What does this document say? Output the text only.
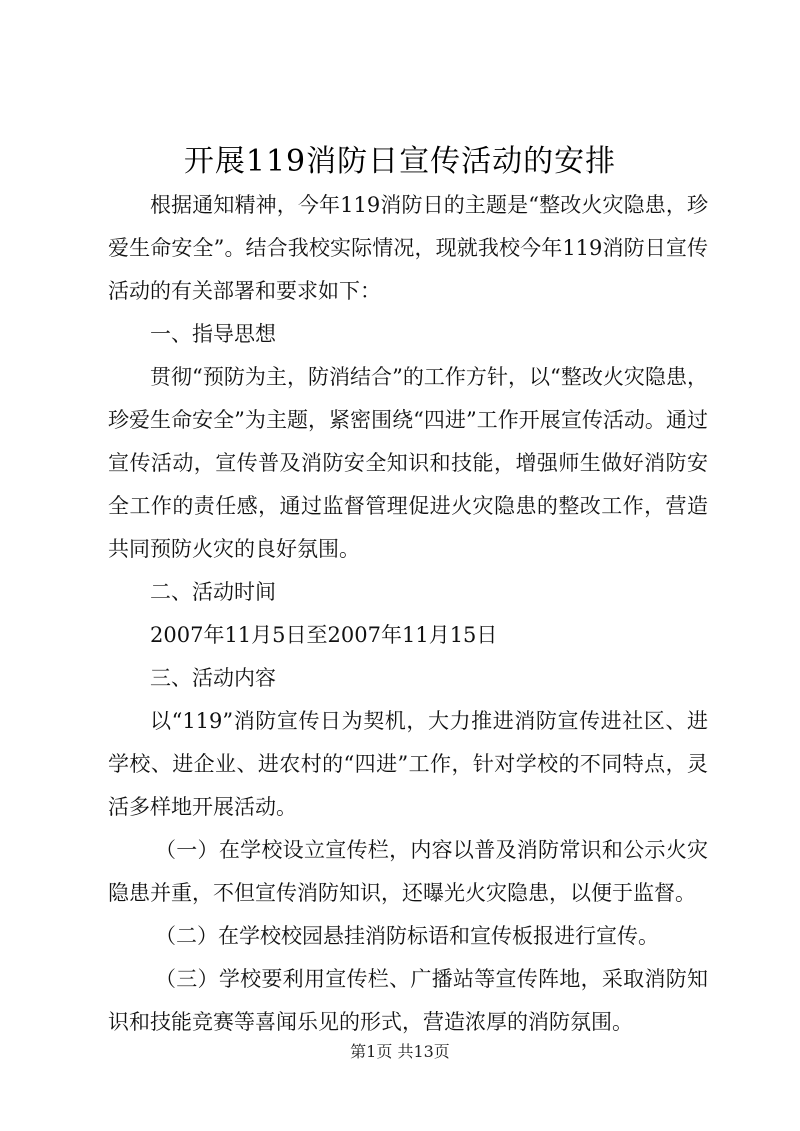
开展119消防日宣传活动的安排

根据通知精神，今年119消防日的主题是“整改火灾隐患，珍爱生命安全”。结合我校实际情况，现就我校今年119消防日宣传活动的有关部署和要求如下：

一、指导思想

贯彻“预防为主，防消结合”的工作方针，以“整改火灾隐患，珍爱生命安全”为主题，紧密围绕“四进”工作开展宣传活动。通过宣传活动，宣传普及消防安全知识和技能，增强师生做好消防安全工作的责任感，通过监督管理促进火灾隐患的整改工作，营造共同预防火灾的良好氛围。

二、活动时间

2007年11月5日至2007年11月15日

三、活动内容

以“119”消防宣传日为契机，大力推进消防宣传进社区、进学校、进企业、进农村的“四进”工作，针对学校的不同特点，灵活多样地开展活动。

（一）在学校设立宣传栏，内容以普及消防常识和公示火灾隐患并重，不但宣传消防知识，还曝光火灾隐患，以便于监督。

（二）在学校校园悬挂消防标语和宣传板报进行宣传。

（三）学校要利用宣传栏、广播站等宣传阵地，采取消防知识和技能竞赛等喜闻乐见的形式，营造浓厚的消防氛围。

第1页 共13页
